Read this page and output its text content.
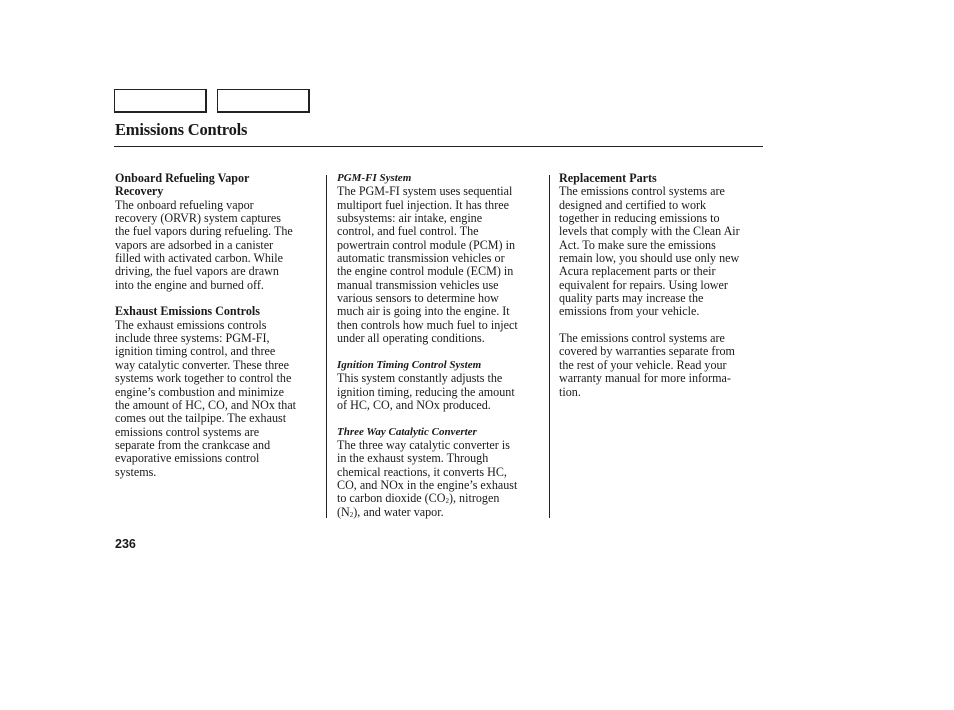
Emissions Controls
Onboard Refueling Vapor
Recovery
The onboard refueling vapor
recovery (ORVR) system captures
the fuel vapors during refueling. The
vapors are adsorbed in a canister
filled with activated carbon. While
driving, the fuel vapors are drawn
into the engine and burned off.
Exhaust Emissions Controls
The exhaust emissions controls
include three systems: PGM-FI,
ignition timing control, and three
way catalytic converter. These three
systems work together to control the
engine’s combustion and minimize
the amount of HC, CO, and NOx that
comes out the tailpipe. The exhaust
emissions control systems are
separate from the crankcase and
evaporative emissions control
systems.
PGM-FI System
The PGM-FI system uses sequential
multiport fuel injection. It has three
subsystems: air intake, engine
control, and fuel control. The
powertrain control module (PCM) in
automatic transmission vehicles or
the engine control module (ECM) in
manual transmission vehicles use
various sensors to determine how
much air is going into the engine. It
then controls how much fuel to inject
under all operating conditions.
Ignition Timing Control System
This system constantly adjusts the
ignition timing, reducing the amount
of HC, CO, and NOx produced.
Three Way Catalytic Converter
The three way catalytic converter is
in the exhaust system. Through
chemical reactions, it converts HC,
CO, and NOx in the engine’s exhaust
to carbon dioxide $(CO_2)$, nitrogen
$(N_2)$, and water vapor.
Replacement Parts
The emissions control systems are
designed and certified to work
together in reducing emissions to
levels that comply with the Clean Air
Act. To make sure the emissions
remain low, you should use only new
Acura replacement parts or their
equivalent for repairs. Using lower
quality parts may increase the
emissions from your vehicle.
The emissions control systems are
covered by warranties separate from
the rest of your vehicle. Read your
warranty manual for more informa-
tion.
236
